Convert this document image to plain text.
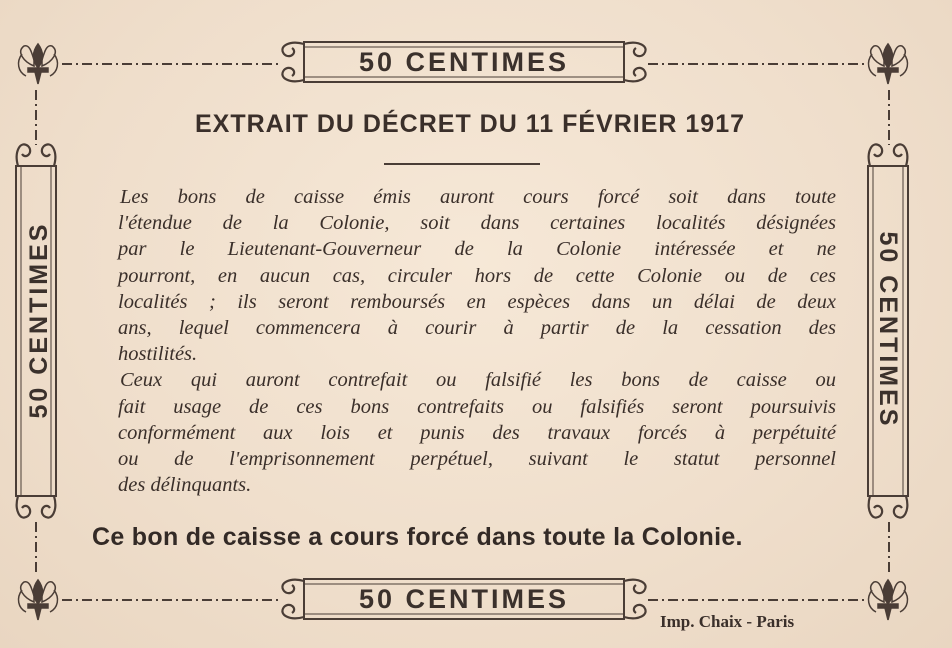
50 CENTIMES
50 CENTIMES
50 CENTIMES	50 CENTIMES
EXTRAIT DU DÉCRET DU 11 FÉVRIER 1917

Les bons de caisse émis auront cours forcé soit dans toute
l'étendue de la Colonie, soit dans certaines localités désignées
par le Lieutenant-Gouverneur de la Colonie intéressée et ne
pourront, en aucun cas, circuler hors de cette Colonie ou de ces
localités ; ils seront remboursés en espèces dans un délai de deux
ans, lequel commencera à courir à partir de la cessation des
hostilités.

Ceux qui auront contrefait ou falsifié les bons de caisse ou
fait usage de ces bons contrefaits ou falsifiés seront poursuivis
conformément aux lois et punis des travaux forcés à perpétuité
ou de l'emprisonnement perpétuel, suivant le statut personnel
des délinquants.

Ce bon de caisse a cours forcé dans toute la Colonie.
Imp. Chaix - Paris
